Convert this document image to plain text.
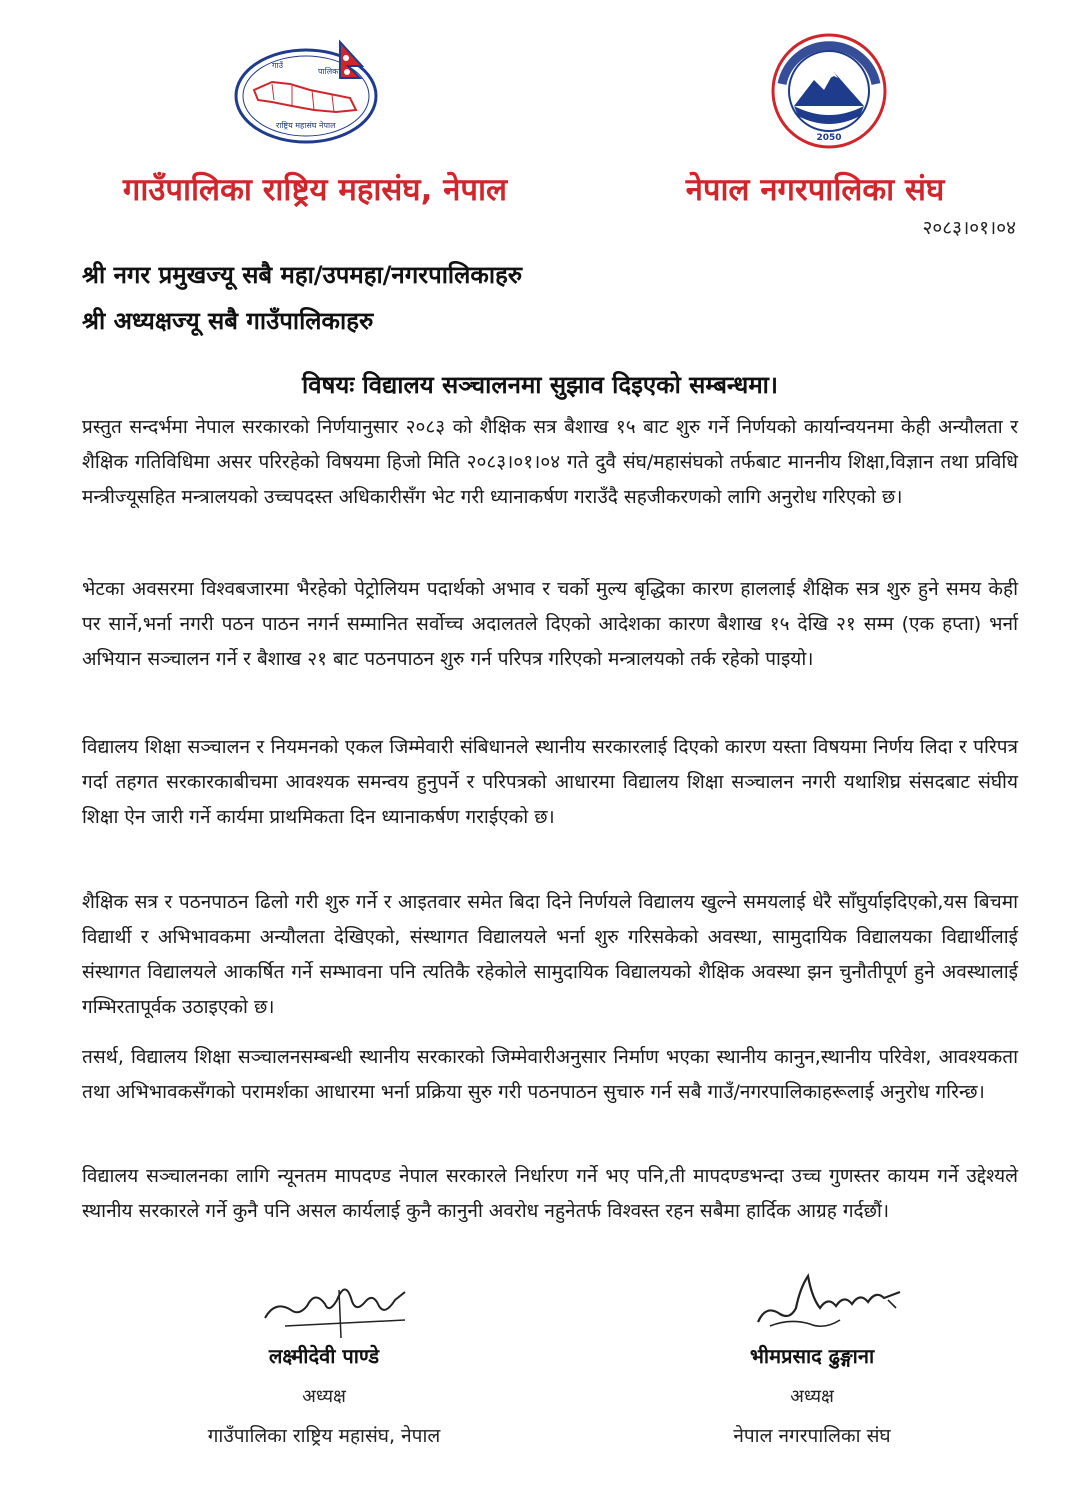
गाउँ
पालिका
राष्ट्रिय महासंघ नेपाल
2050
गाउँपालिका राष्ट्रिय महासंघ, नेपाल	नेपाल नगरपालिका संघ
२०८३।०१।०४
श्री नगर प्रमुखज्यू सबै महा/उपमहा/नगरपालिकाहरु
श्री अध्यक्षज्यू सबै गाउँपालिकाहरु
विषयः विद्यालय सञ्चालनमा सुझाव दिइएको सम्बन्धमा।
प्रस्तुत सन्दर्भमा नेपाल सरकारको निर्णयानुसार २०८३ को शैक्षिक सत्र बैशाख १५ बाट शुरु गर्ने निर्णयको कार्यान्वयनमा केही अन्यौलता र शैक्षिक गतिविधिमा असर परिरहेको विषयमा हिजो मिति २०८३।०१।०४ गते दुवै संघ/महासंघको तर्फबाट माननीय शिक्षा,विज्ञान तथा प्रविधि मन्त्रीज्यूसहित मन्त्रालयको उच्चपदस्त अधिकारीसँग भेट गरी ध्यानाकर्षण गराउँदै सहजीकरणको लागि अनुरोध गरिएको छ।
भेटका अवसरमा विश्वबजारमा भैरहेको पेट्रोलियम पदार्थको अभाव र चर्को मुल्य बृद्धिका कारण हाललाई शैक्षिक सत्र शुरु हुने समय केही पर सार्ने,भर्ना नगरी पठन पाठन नगर्न सम्मानित सर्वोच्च अदालतले दिएको आदेशका कारण बैशाख १५ देखि २१ सम्म (एक हप्ता) भर्ना अभियान सञ्चालन गर्ने र बैशाख २१ बाट पठनपाठन शुरु गर्न परिपत्र गरिएको मन्त्रालयको तर्क रहेको पाइयो।
विद्यालय शिक्षा सञ्चालन र नियमनको एकल जिम्मेवारी संबिधानले स्थानीय सरकारलाई दिएको कारण यस्ता विषयमा निर्णय लिदा र परिपत्र गर्दा तहगत सरकारकाबीचमा आवश्यक समन्वय हुनुपर्ने र परिपत्रको आधारमा विद्यालय शिक्षा सञ्चालन नगरी यथाशिघ्र संसदबाट संघीय शिक्षा ऐन जारी गर्ने कार्यमा प्राथमिकता दिन ध्यानाकर्षण गराईएको छ।
शैक्षिक सत्र र पठनपाठन ढिलो गरी शुरु गर्ने र आइतवार समेत बिदा दिने निर्णयले विद्यालय खुल्ने समयलाई धेरै साँघुर्याइदिएको,यस बिचमा विद्यार्थी र अभिभावकमा अन्यौलता देखिएको, संस्थागत विद्यालयले भर्ना शुरु गरिसकेको अवस्था, सामुदायिक विद्यालयका विद्यार्थीलाई संस्थागत विद्यालयले आकर्षित गर्ने सम्भावना पनि त्यतिकै रहेकोले सामुदायिक विद्यालयको शैक्षिक अवस्था झन चुनौतीपूर्ण हुने अवस्थालाई गम्भिरतापूर्वक उठाइएको छ।
तसर्थ, विद्यालय शिक्षा सञ्चालनसम्बन्धी स्थानीय सरकारको जिम्मेवारीअनुसार निर्माण भएका स्थानीय कानुन,स्थानीय परिवेश, आवश्यकता तथा अभिभावकसँगको परामर्शका आधारमा भर्ना प्रक्रिया सुरु गरी पठनपाठन सुचारु गर्न सबै गाउँ/नगरपालिकाहरूलाई अनुरोध गरिन्छ।
विद्यालय सञ्चालनका लागि न्यूनतम मापदण्ड नेपाल सरकारले निर्धारण गर्ने भए पनि,ती मापदण्डभन्दा उच्च गुणस्तर कायम गर्ने उद्देश्यले स्थानीय सरकारले गर्ने कुनै पनि असल कार्यलाई कुनै कानुनी अवरोध नहुनेतर्फ विश्वस्त रहन सबैमा हार्दिक आग्रह गर्दछौं।
लक्ष्मीदेवी पाण्डे
अध्यक्ष
गाउँपालिका राष्ट्रिय महासंघ, नेपाल
भीमप्रसाद ढुङ्गाना
अध्यक्ष
नेपाल नगरपालिका संघ
